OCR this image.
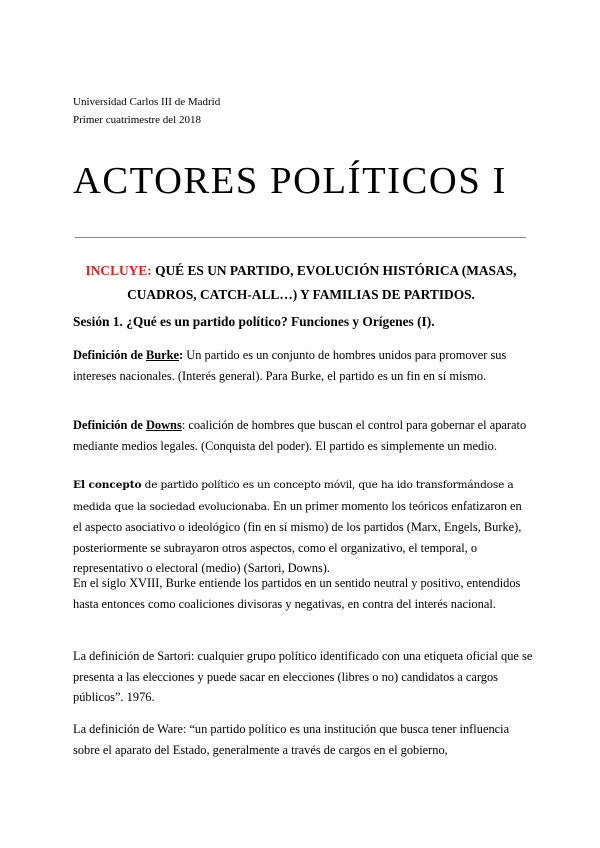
Universidad Carlos III de Madrid
Primer cuatrimestre del 2018
ACTORES POLÍTICOS I
INCLUYE: QUÉ ES UN PARTIDO, EVOLUCIÓN HISTÓRICA (MASAS, CUADROS, CATCH-ALL…) Y FAMILIAS DE PARTIDOS.
Sesión 1. ¿Qué es un partido político? Funciones y Orígenes (I).
Definición de Burke: Un partido es un conjunto de hombres unidos para promover sus intereses nacionales. (Interés general). Para Burke, el partido es un fin en sí mismo.
Definición de Downs: coalición de hombres que buscan el control para gobernar el aparato mediante medios legales. (Conquista del poder). El partido es simplemente un medio.
El concepto de partido político es un concepto móvil, que ha ido transformándose a medida que la sociedad evolucionaba. En un primer momento los teóricos enfatizaron en el aspecto asociativo o ideológico (fin en sí mismo) de los partidos (Marx, Engels, Burke), posteriormente se subrayaron otros aspectos, como el organizativo, el temporal, o representativo o electoral (medio) (Sartori, Downs).
En el siglo XVIII, Burke entiende los partidos en un sentido neutral y positivo, entendidos hasta entonces como coaliciones divisoras y negativas, en contra del interés nacional.
La definición de Sartori: cualquier grupo político identificado con una etiqueta oficial que se presenta a las elecciones y puede sacar en elecciones (libres o no) candidatos a cargos públicos”. 1976.
La definición de Ware: “un partido político es una institución que busca tener influencia sobre el aparato del Estado, generalmente a través de cargos en el gobierno,
